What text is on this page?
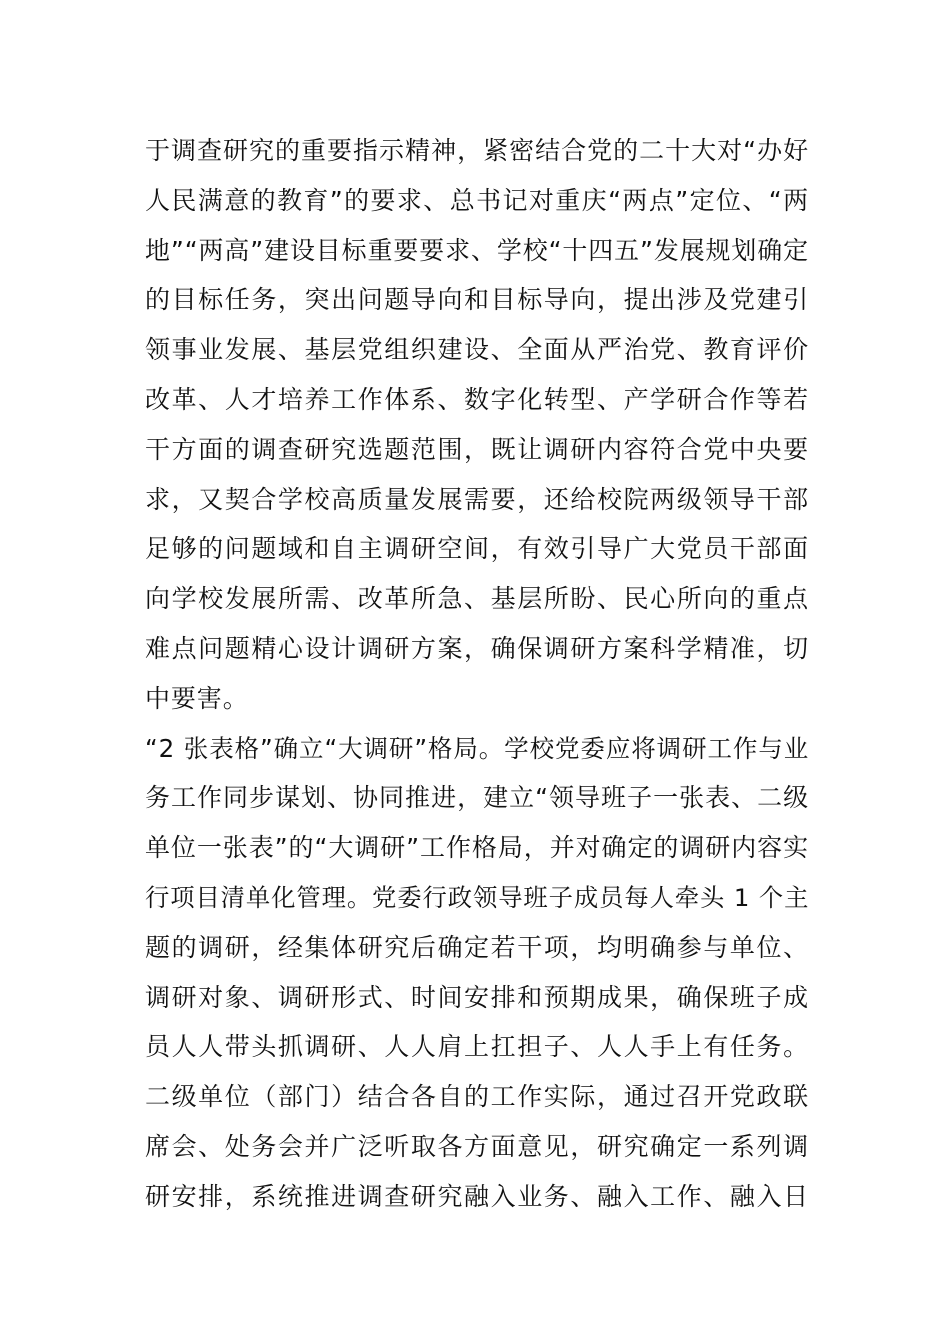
于调查研究的重要指示精神，紧密结合党的二十大对“办好
人民满意的教育”的要求、总书记对重庆“两点”定位、“两
地”“两高”建设目标重要要求、学校“十四五”发展规划确定
的目标任务，突出问题导向和目标导向，提出涉及党建引
领事业发展、基层党组织建设、全面从严治党、教育评价
改革、人才培养工作体系、数字化转型、产学研合作等若
干方面的调查研究选题范围，既让调研内容符合党中央要
求，又契合学校高质量发展需要，还给校院两级领导干部
足够的问题域和自主调研空间，有效引导广大党员干部面
向学校发展所需、改革所急、基层所盼、民心所向的重点
难点问题精心设计调研方案，确保调研方案科学精准，切
中要害。
“2 张表格”确立“大调研”格局。学校党委应将调研工作与业
务工作同步谋划、协同推进，建立“领导班子一张表、二级
单位一张表”的“大调研”工作格局，并对确定的调研内容实
行项目清单化管理。党委行政领导班子成员每人牵头 1 个主
题的调研，经集体研究后确定若干项，均明确参与单位、
调研对象、调研形式、时间安排和预期成果，确保班子成
员人人带头抓调研、人人肩上扛担子、人人手上有任务。
二级单位（部门）结合各自的工作实际，通过召开党政联
席会、处务会并广泛听取各方面意见，研究确定一系列调
研安排，系统推进调查研究融入业务、融入工作、融入日
